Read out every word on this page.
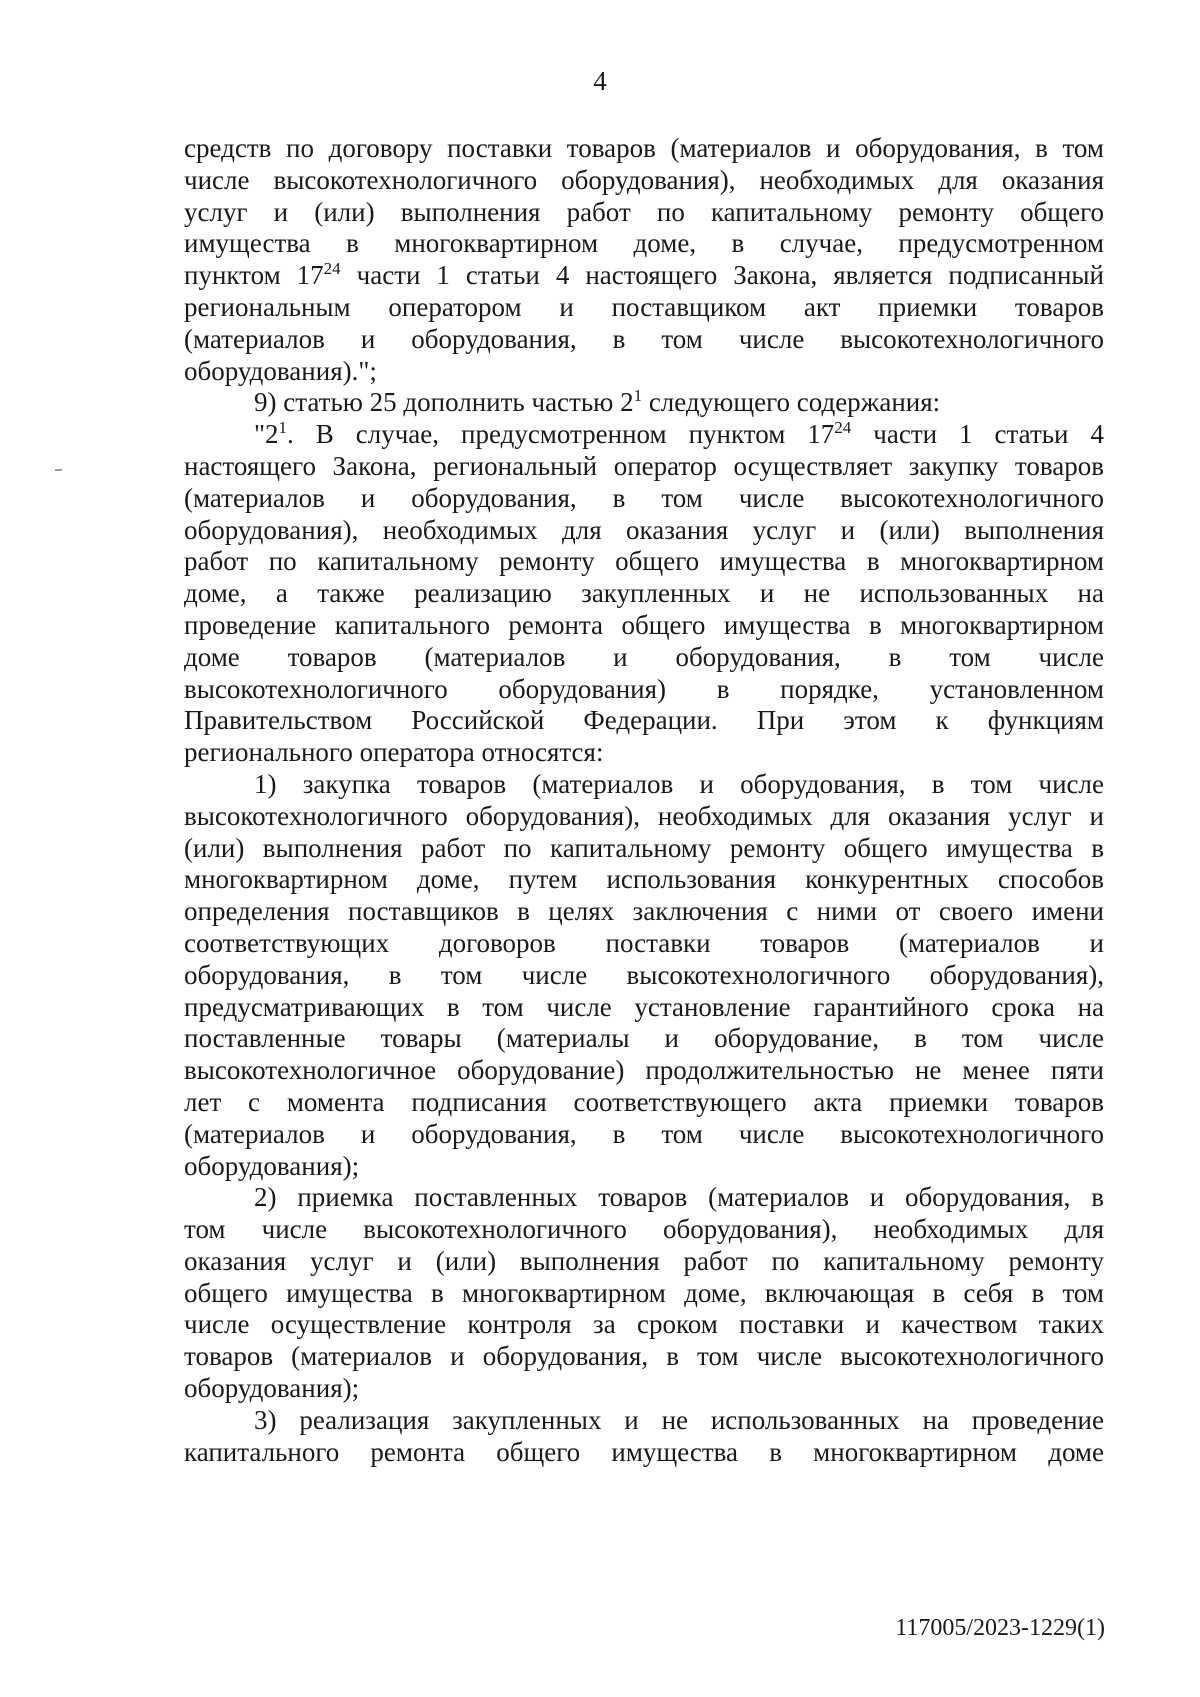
4

средств по договору поставки товаров (материалов и оборудования, в том

числе высокотехнологичного оборудования), необходимых для оказания

услуг и (или) выполнения работ по капитальному ремонту общего

имущества в многоквартирном доме, в случае, предусмотренном

пунктом $17^{24}$ части 1 статьи 4 настоящего Закона, является подписанный

региональным оператором и поставщиком акт приемки товаров

(материалов и оборудования, в том числе высокотехнологичного

оборудования).";

9) статью 25 дополнить частью $2^1$ следующего содержания:

"$2^1$. В случае, предусмотренном пунктом $17^{24}$ части 1 статьи 4

настоящего Закона, региональный оператор осуществляет закупку товаров

(материалов и оборудования, в том числе высокотехнологичного

оборудования), необходимых для оказания услуг и (или) выполнения

работ по капитальному ремонту общего имущества в многоквартирном

доме, а также реализацию закупленных и не использованных на

проведение капитального ремонта общего имущества в многоквартирном

доме товаров (материалов и оборудования, в том числе

высокотехнологичного оборудования) в порядке, установленном

Правительством Российской Федерации. При этом к функциям

регионального оператора относятся:

1) закупка товаров (материалов и оборудования, в том числе

высокотехнологичного оборудования), необходимых для оказания услуг и

(или) выполнения работ по капитальному ремонту общего имущества в

многоквартирном доме, путем использования конкурентных способов

определения поставщиков в целях заключения с ними от своего имени

соответствующих договоров поставки товаров (материалов и

оборудования, в том числе высокотехнологичного оборудования),

предусматривающих в том числе установление гарантийного срока на

поставленные товары (материалы и оборудование, в том числе

высокотехнологичное оборудование) продолжительностью не менее пяти

лет с момента подписания соответствующего акта приемки товаров

(материалов и оборудования, в том числе высокотехнологичного

оборудования);

2) приемка поставленных товаров (материалов и оборудования, в

том числе высокотехнологичного оборудования), необходимых для

оказания услуг и (или) выполнения работ по капитальному ремонту

общего имущества в многоквартирном доме, включающая в себя в том

числе осуществление контроля за сроком поставки и качеством таких

товаров (материалов и оборудования, в том числе высокотехнологичного

оборудования);

3) реализация закупленных и не использованных на проведение

капитального ремонта общего имущества в многоквартирном доме

117005/2023-1229(1)
